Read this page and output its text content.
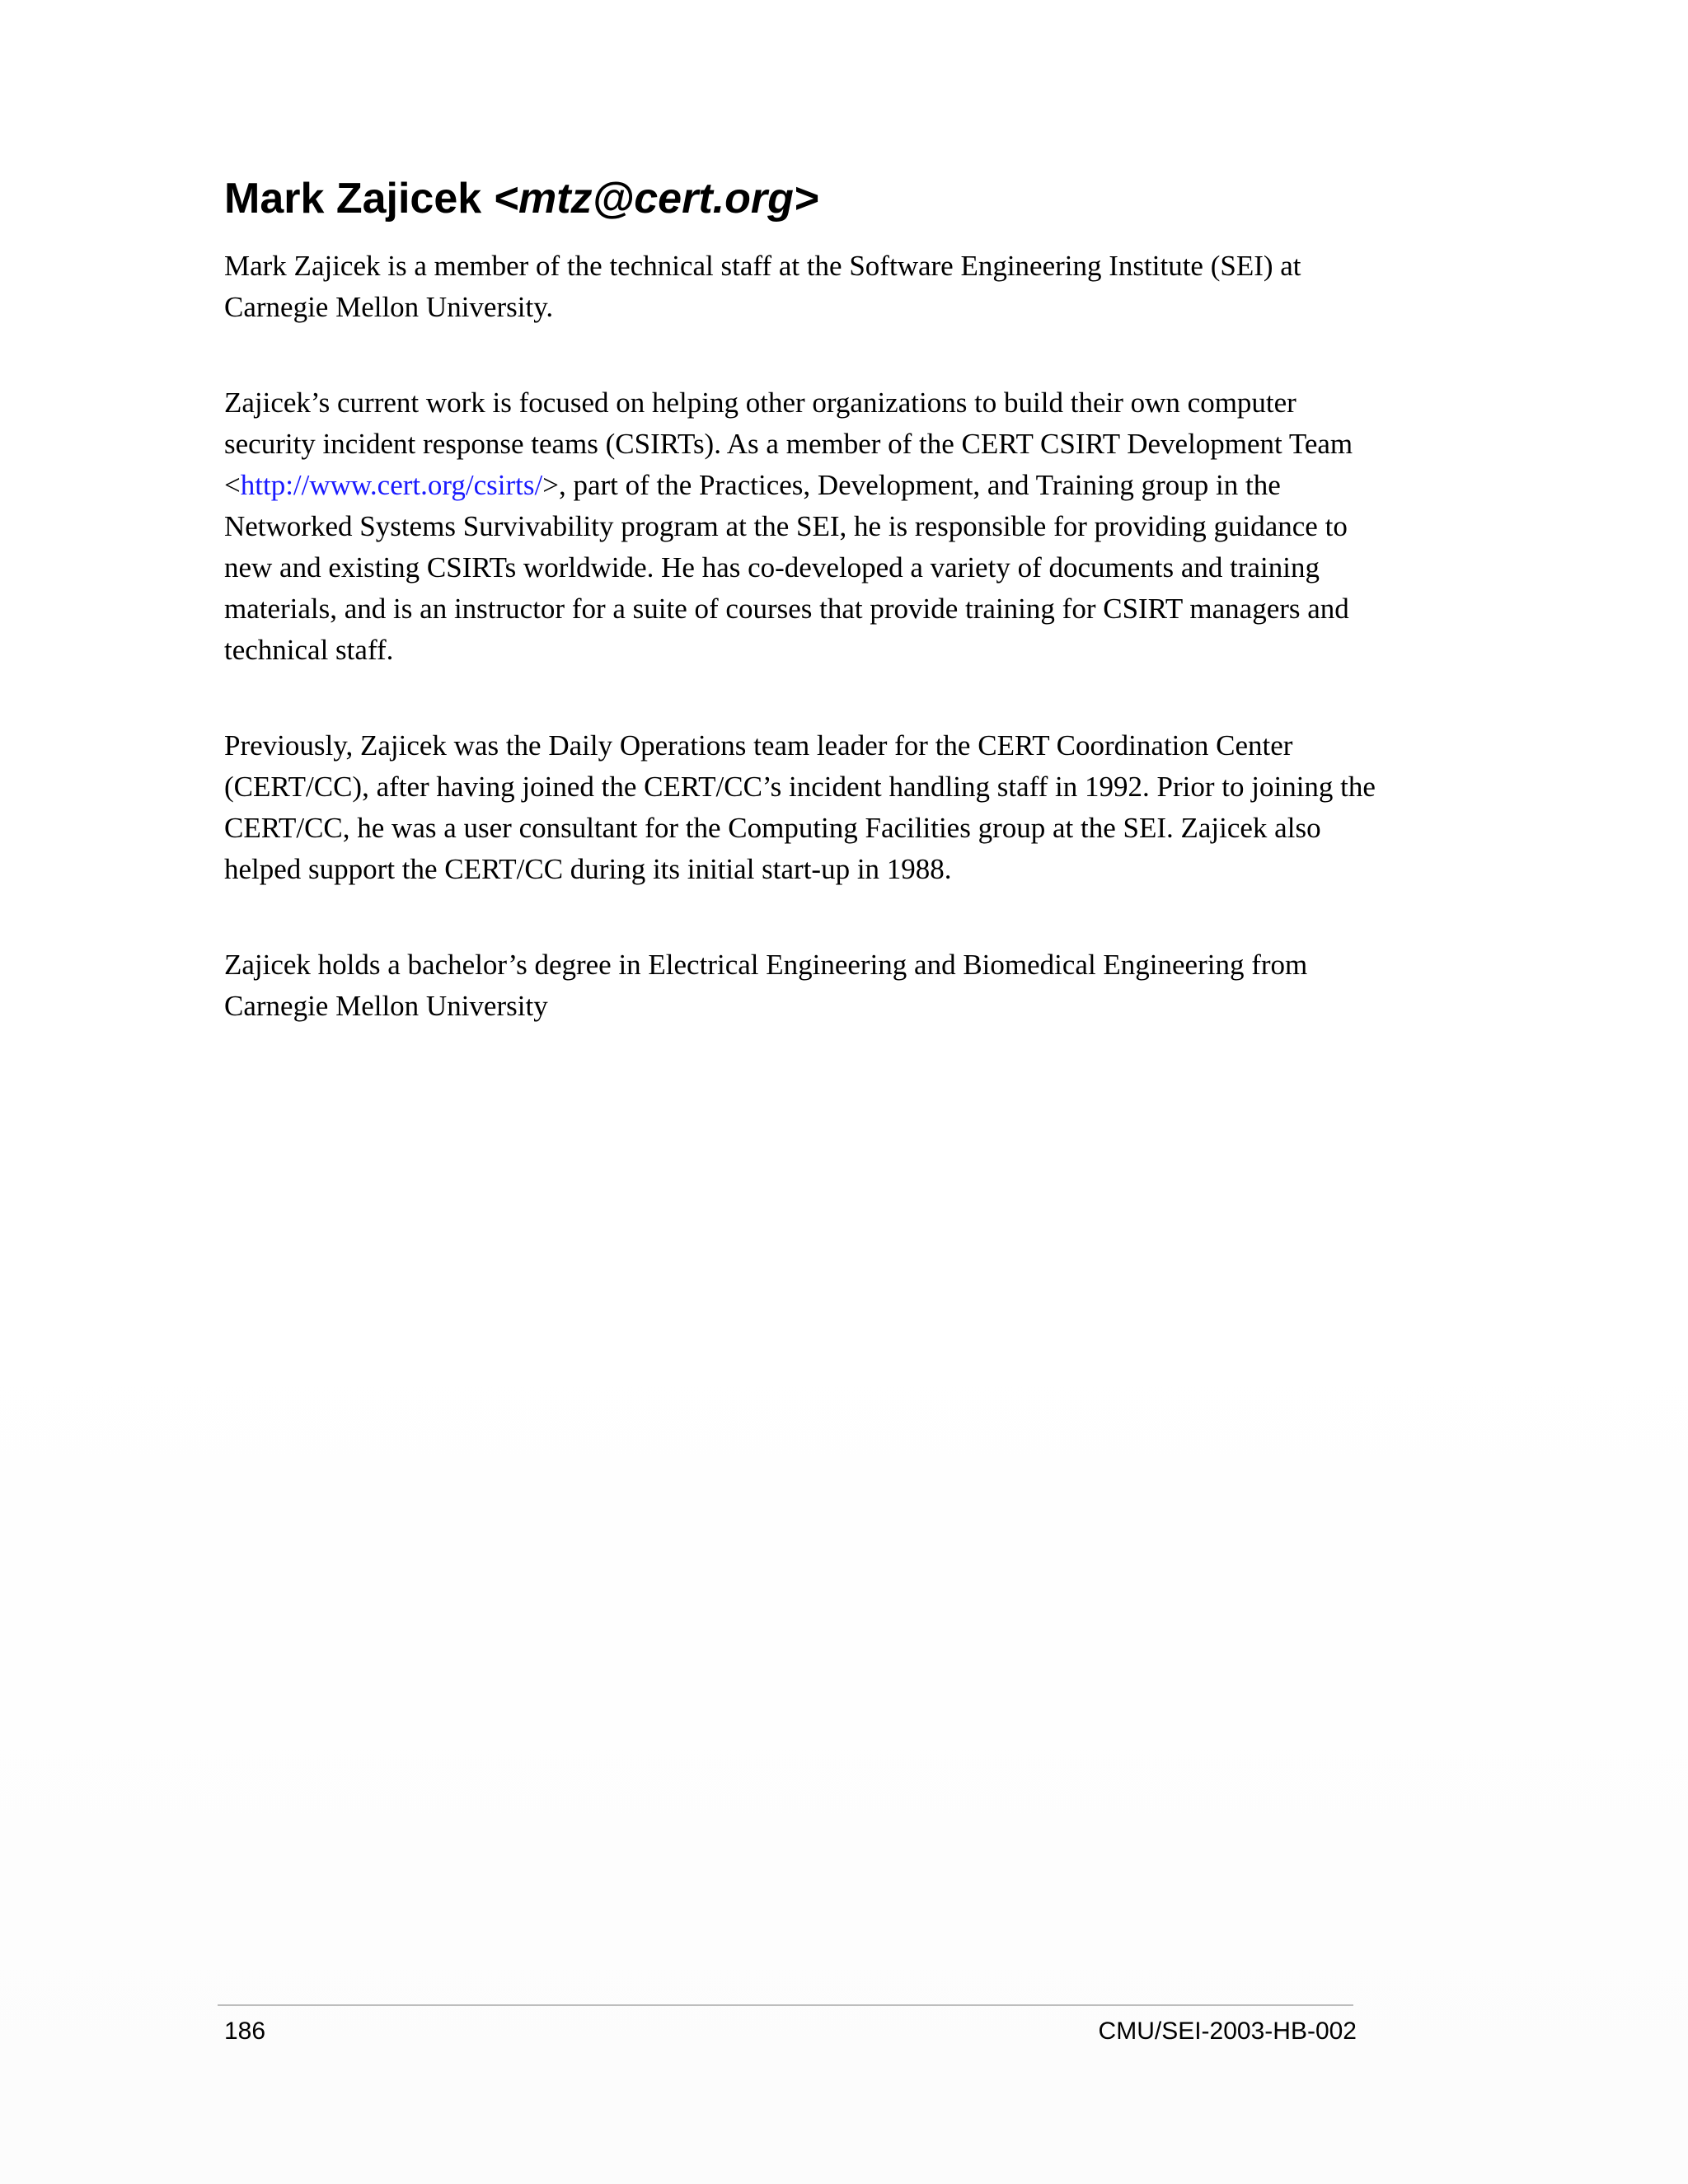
Mark Zajicek <mtz@cert.org>

Mark Zajicek is a member of the technical staff at the Software Engineering Institute (SEI) at Carnegie Mellon University.

Zajicek’s current work is focused on helping other organizations to build their own computer security incident response teams (CSIRTs). As a member of the CERT CSIRT Development Team <http://www.cert.org/csirts/>, part of the Practices, Development, and Training group in the Networked Systems Survivability program at the SEI, he is responsible for providing guidance to new and existing CSIRTs worldwide. He has co-developed a variety of documents and training materials, and is an instructor for a suite of courses that provide training for CSIRT managers and technical staff.

Previously, Zajicek was the Daily Operations team leader for the CERT Coordination Center (CERT/CC), after having joined the CERT/CC’s incident handling staff in 1992. Prior to joining the CERT/CC, he was a user consultant for the Computing Facilities group at the SEI. Zajicek also helped support the CERT/CC during its initial start-up in 1988.

Zajicek holds a bachelor’s degree in Electrical Engineering and Biomedical Engineering from Carnegie Mellon University

186	CMU/SEI-2003-HB-002
